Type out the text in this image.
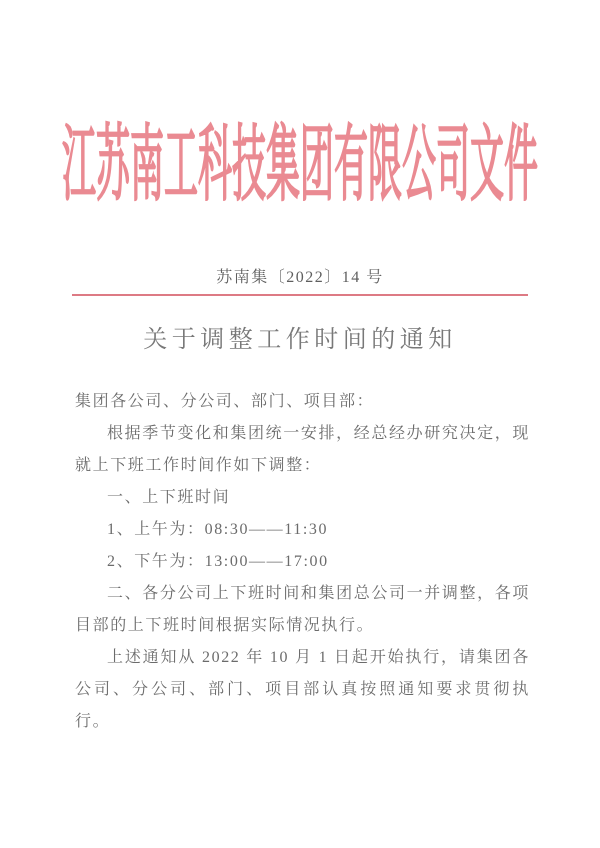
江苏南工科技集团有限公司文件
苏南集〔2022〕14 号
关于调整工作时间的通知

集团各公司、分公司、部门、项目部：

根据季节变化和集团统一安排，经总经办研究决定，现就上下班工作时间作如下调整：

一、上下班时间

1、上午为：08:30——11:30

2、下午为：13:00——17:00

二、各分公司上下班时间和集团总公司一并调整，各项目部的上下班时间根据实际情况执行。

上述通知从 2022 年 10 月 1 日起开始执行，请集团各公司、分公司、部门、项目部认真按照通知要求贯彻执行。
